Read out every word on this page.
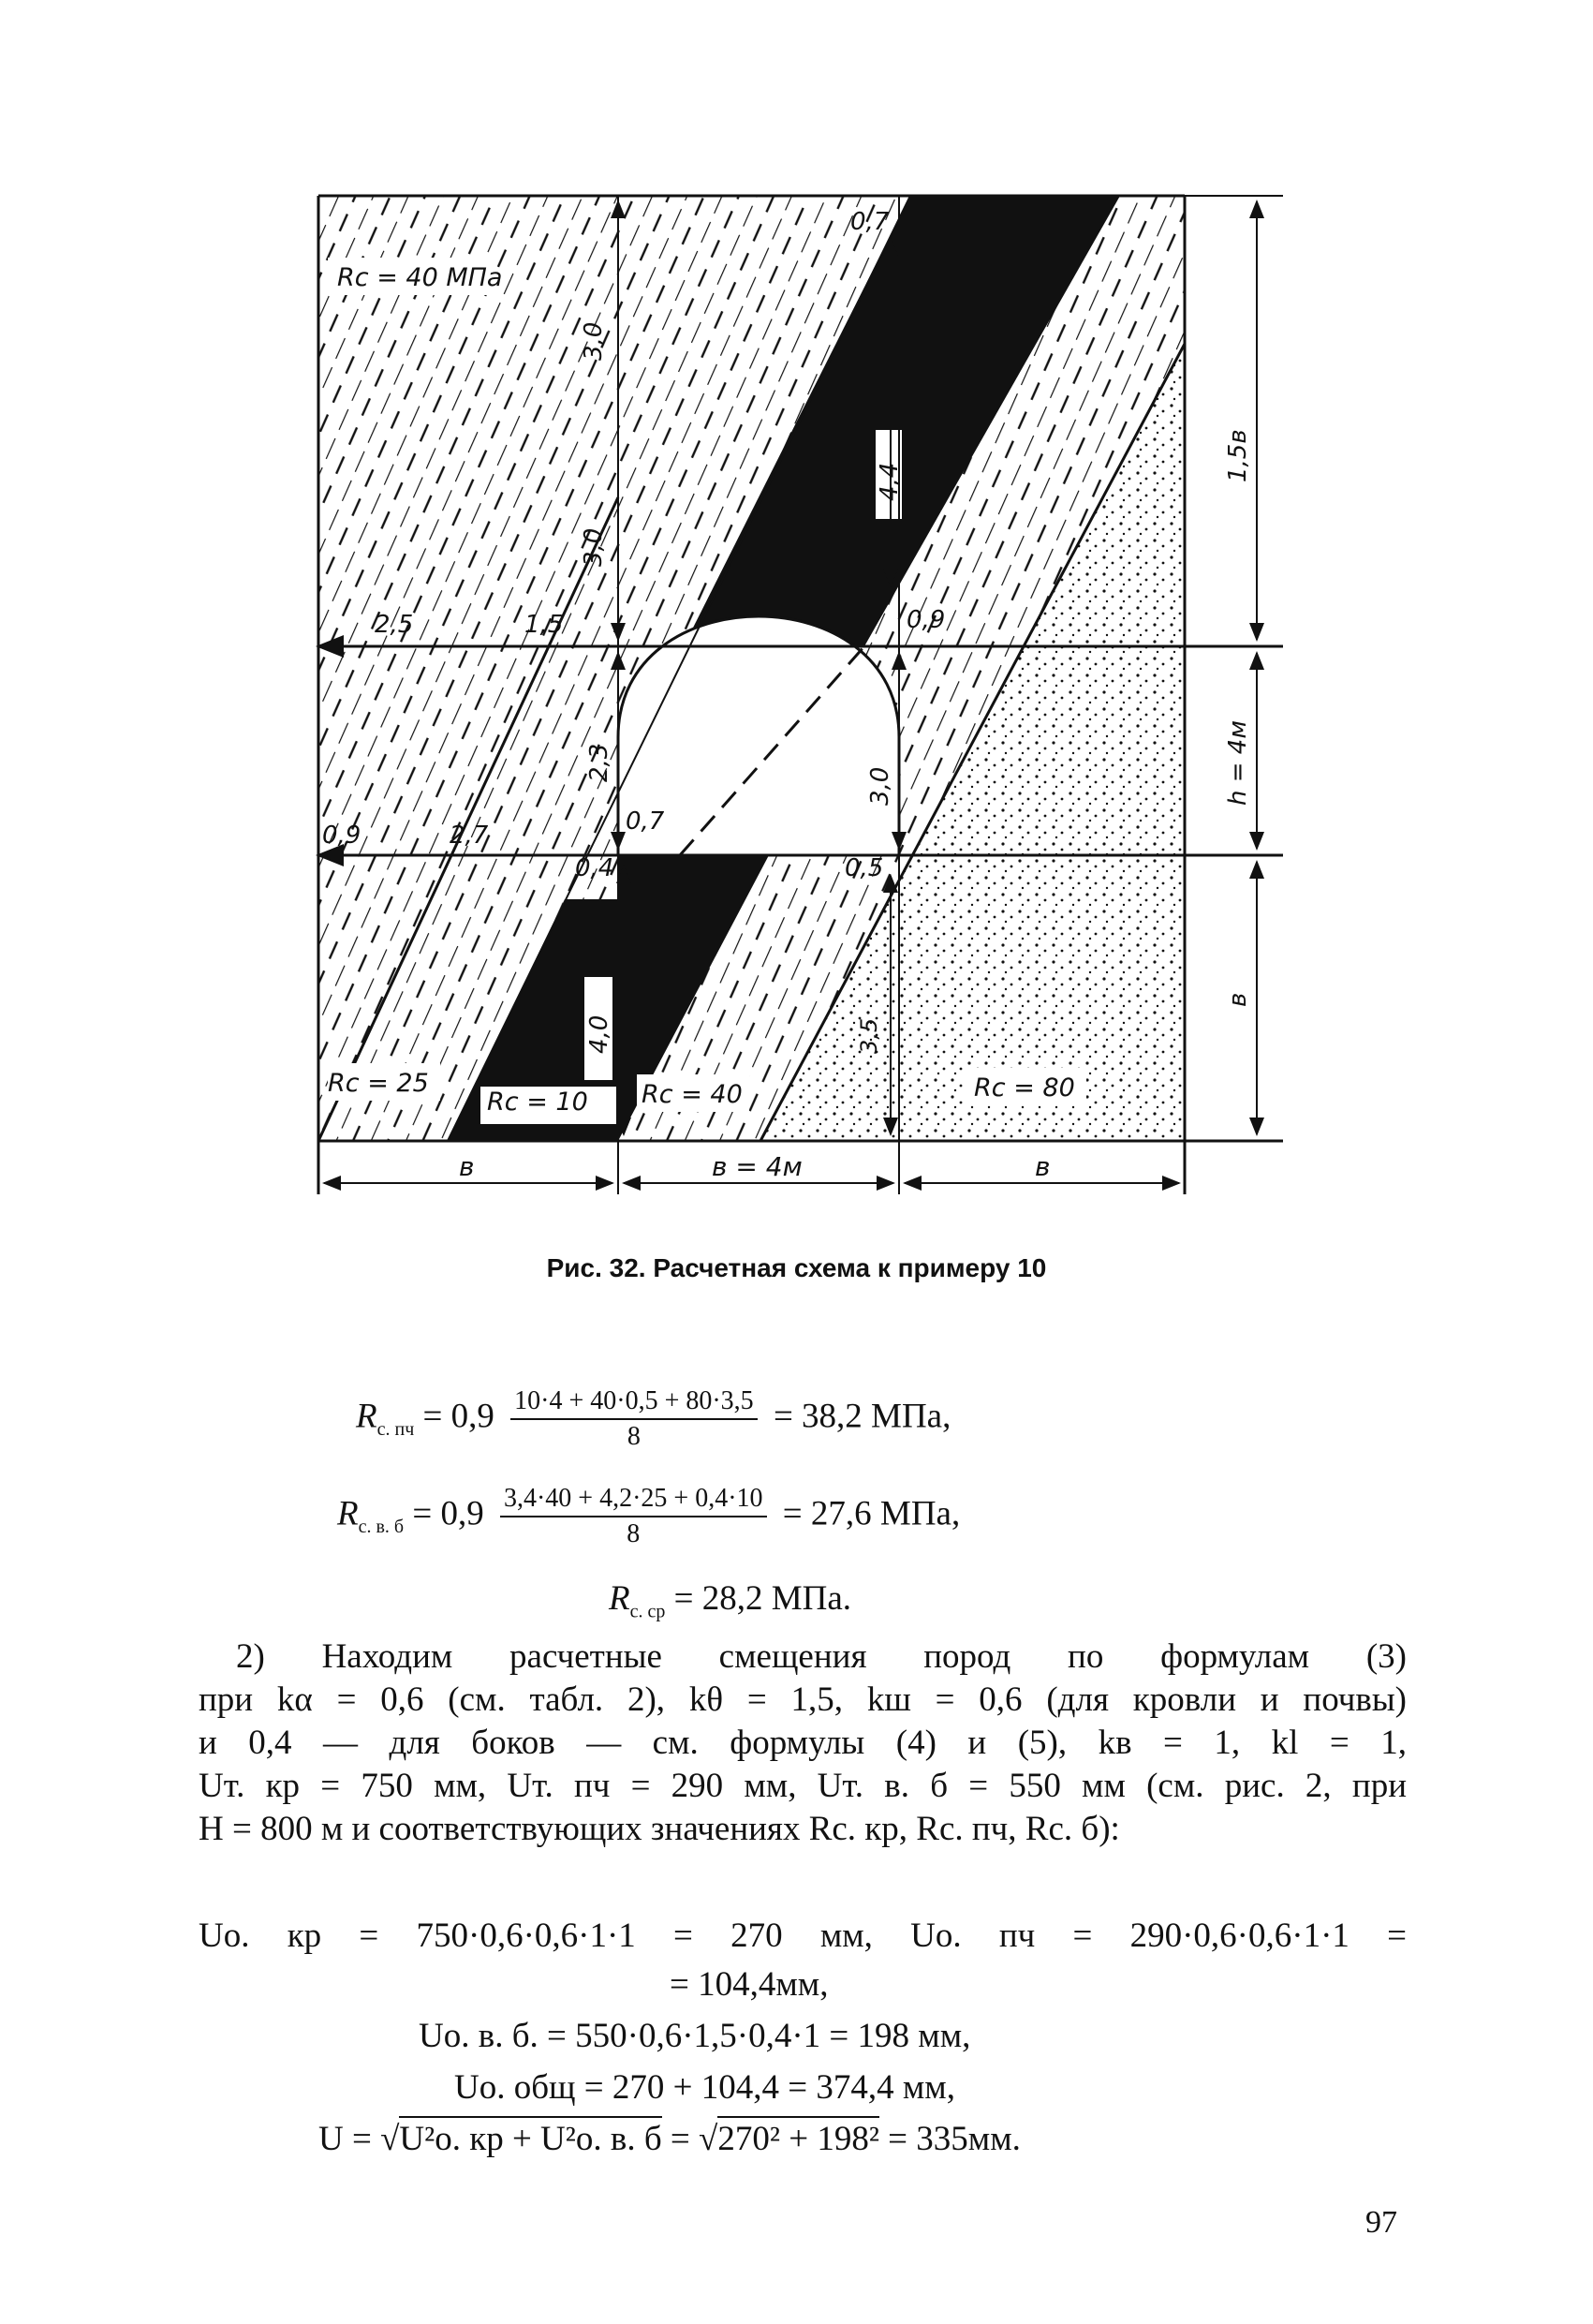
Rc = 40 МПа
Rc = 25
Rc = 10 Rc = 40	Rc = 80
3,0
3,0
0,7
4,4	1,5в
2,5	1,5	0,9
2,3
3,0	h = 4м
0,9	2,7	0,7
0,4	0,5
4,0	3,5
в
в	в = 4м	в
Рис. 32. Расчетная схема к примеру 10
$R_{с. пч} = 0,9 \frac{10\cdot 4 + 40\cdot 0,5 + 80\cdot 3,5}{8} = 38,2$ МПа,
$R_{с. в. б} = 0,9 \frac{3,4\cdot 40 + 4,2\cdot 25 + 0,4\cdot 10}{8} = 27,6$ МПа,
$R_{с. ср} = 28,2$ МПа.
2) Находим расчетные смещения пород по формулам (3)
при kα = 0,6 (см. табл. 2), kθ = 1,5, kш = 0,6 (для кровли и почвы)
и 0,4 — для боков — см. формулы (4) и (5), kв = 1, kl = 1,
Uт. кр = 750 мм, Uт. пч = 290 мм, Uт. в. б = 550 мм (см. рис. 2, при
H = 800 м и соответствующих значениях Rс. кр, Rс. пч, Rс. б):
Uo. кр = 750·0,6·0,6·1·1 = 270 мм, Uo. пч = 290·0,6·0,6·1·1 =
= 104,4мм,
Uo. в. б. = 550·0,6·1,5·0,4·1 = 198 мм,
Uo. общ = 270 + 104,4 = 374,4 мм,
U = √U²o. кр + U²o. в. б = √270² + 198² = 335мм.
97
